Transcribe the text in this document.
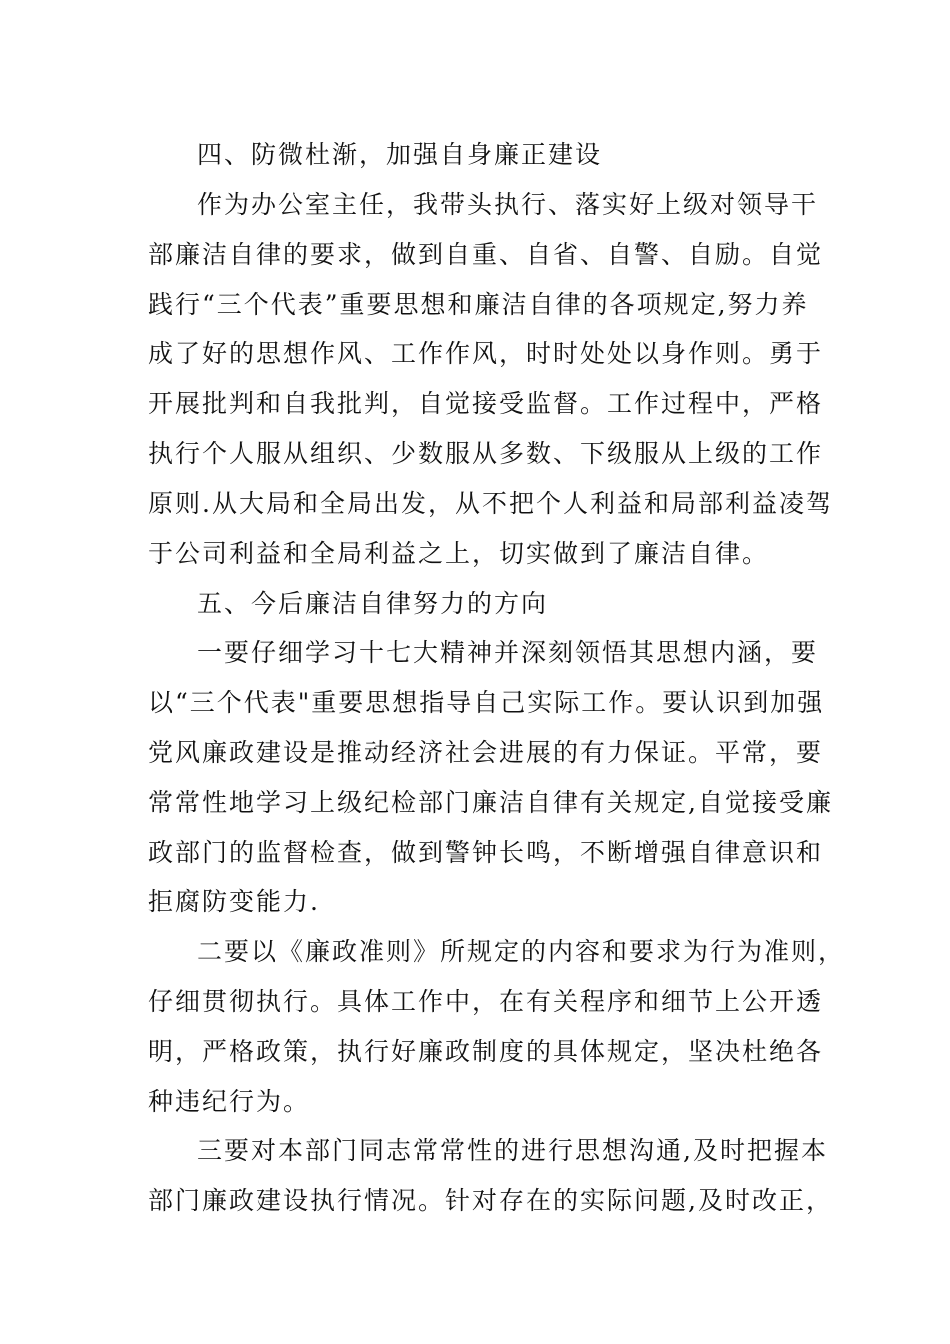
四、防微杜渐，加强自身廉正建设
作为办公室主任，我带头执行、落实好上级对领导干
部廉洁自律的要求，做到自重、自省、自警、自励。自觉
践行“三个代表”重要思想和廉洁自律的各项规定,努力养
成了好的思想作风、工作作风，时时处处以身作则。勇于
开展批判和自我批判，自觉接受监督。工作过程中，严格
执行个人服从组织、少数服从多数、下级服从上级的工作
原则.从大局和全局出发，从不把个人利益和局部利益凌驾
于公司利益和全局利益之上，切实做到了廉洁自律。
五、今后廉洁自律努力的方向
一要仔细学习十七大精神并深刻领悟其思想内涵，要
以“三个代表"重要思想指导自己实际工作。要认识到加强
党风廉政建设是推动经济社会进展的有力保证。平常，要
常常性地学习上级纪检部门廉洁自律有关规定,自觉接受廉
政部门的监督检查，做到警钟长鸣，不断增强自律意识和
拒腐防变能力.
二要以《廉政准则》所规定的内容和要求为行为准则，
仔细贯彻执行。具体工作中，在有关程序和细节上公开透
明，严格政策，执行好廉政制度的具体规定，坚决杜绝各
种违纪行为。
三要对本部门同志常常性的进行思想沟通,及时把握本
部门廉政建设执行情况。针对存在的实际问题,及时改正，
